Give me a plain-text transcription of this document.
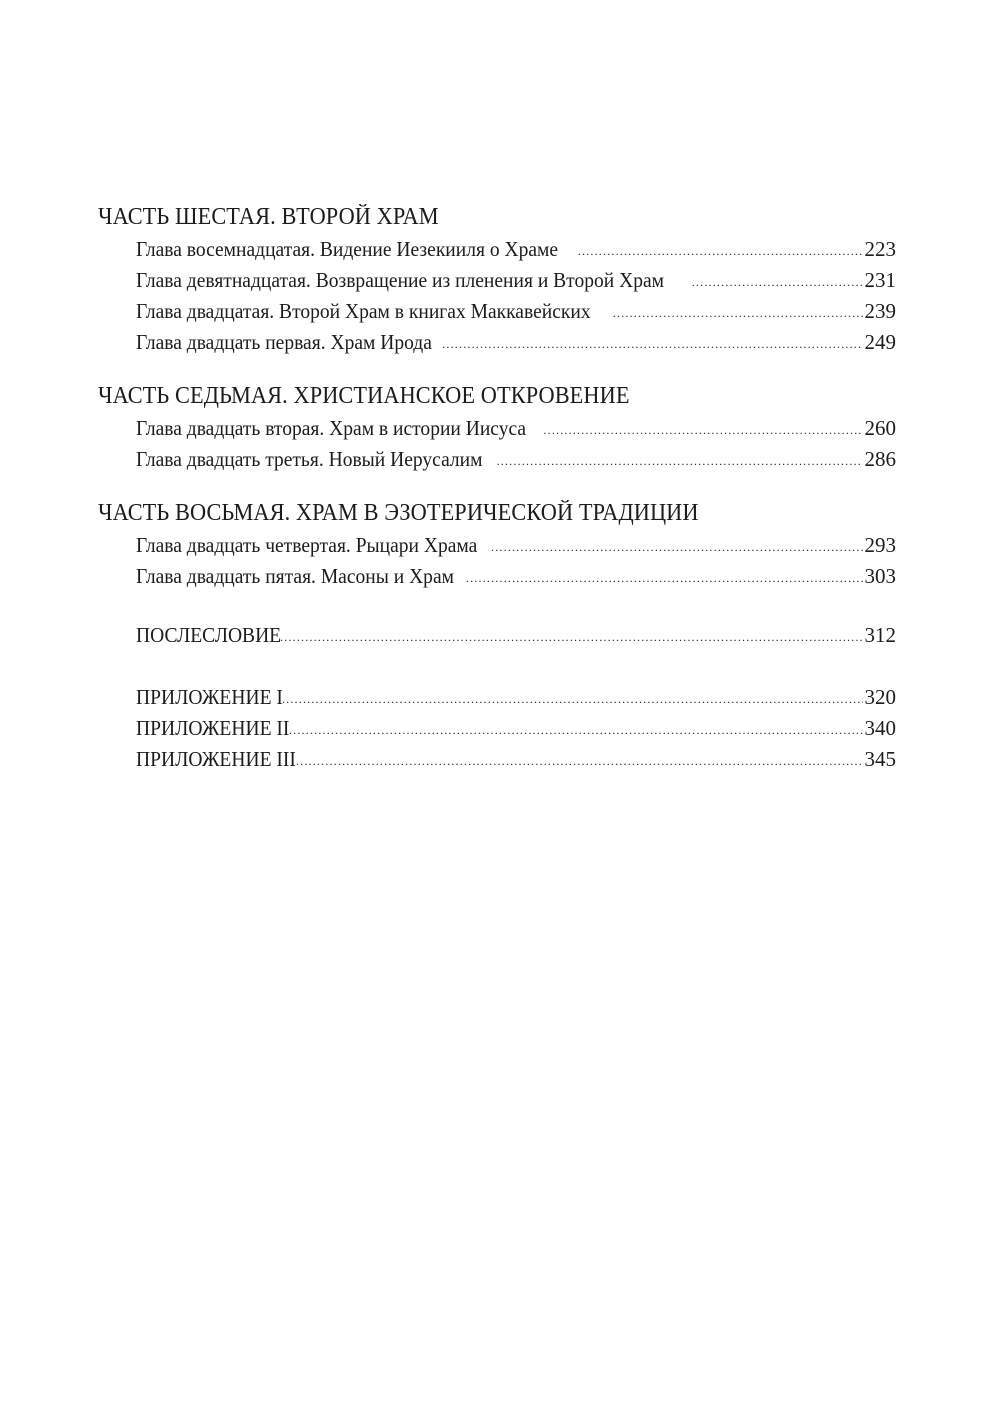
ЧАСТЬ ШЕСТАЯ. ВТОРОЙ ХРАМ
Глава восемнадцатая. Видение Иезекииля о Храме .....	223
Глава девятнадцатая. Возвращение из пленения и Второй Храм .....	231
Глава двадцатая. Второй Храм в книгах Маккавейских .....	239
Глава двадцать первая. Храм Ирода .....	249
ЧАСТЬ СЕДЬМАЯ. ХРИСТИАНСКОЕ ОТКРОВЕНИЕ
Глава двадцать вторая. Храм в истории Иисуса .....	260
Глава двадцать третья. Новый Иерусалим .....	286
ЧАСТЬ ВОСЬМАЯ. ХРАМ В ЭЗОТЕРИЧЕСКОЙ ТРАДИЦИИ
Глава двадцать четвертая. Рыцари Храма .....	293
Глава двадцать пятая. Масоны и Храм .....	303
ПОСЛЕСЛОВИЕ .....	312
ПРИЛОЖЕНИЕ I .....	320
ПРИЛОЖЕНИЕ II .....	340
ПРИЛОЖЕНИЕ III .....	345
